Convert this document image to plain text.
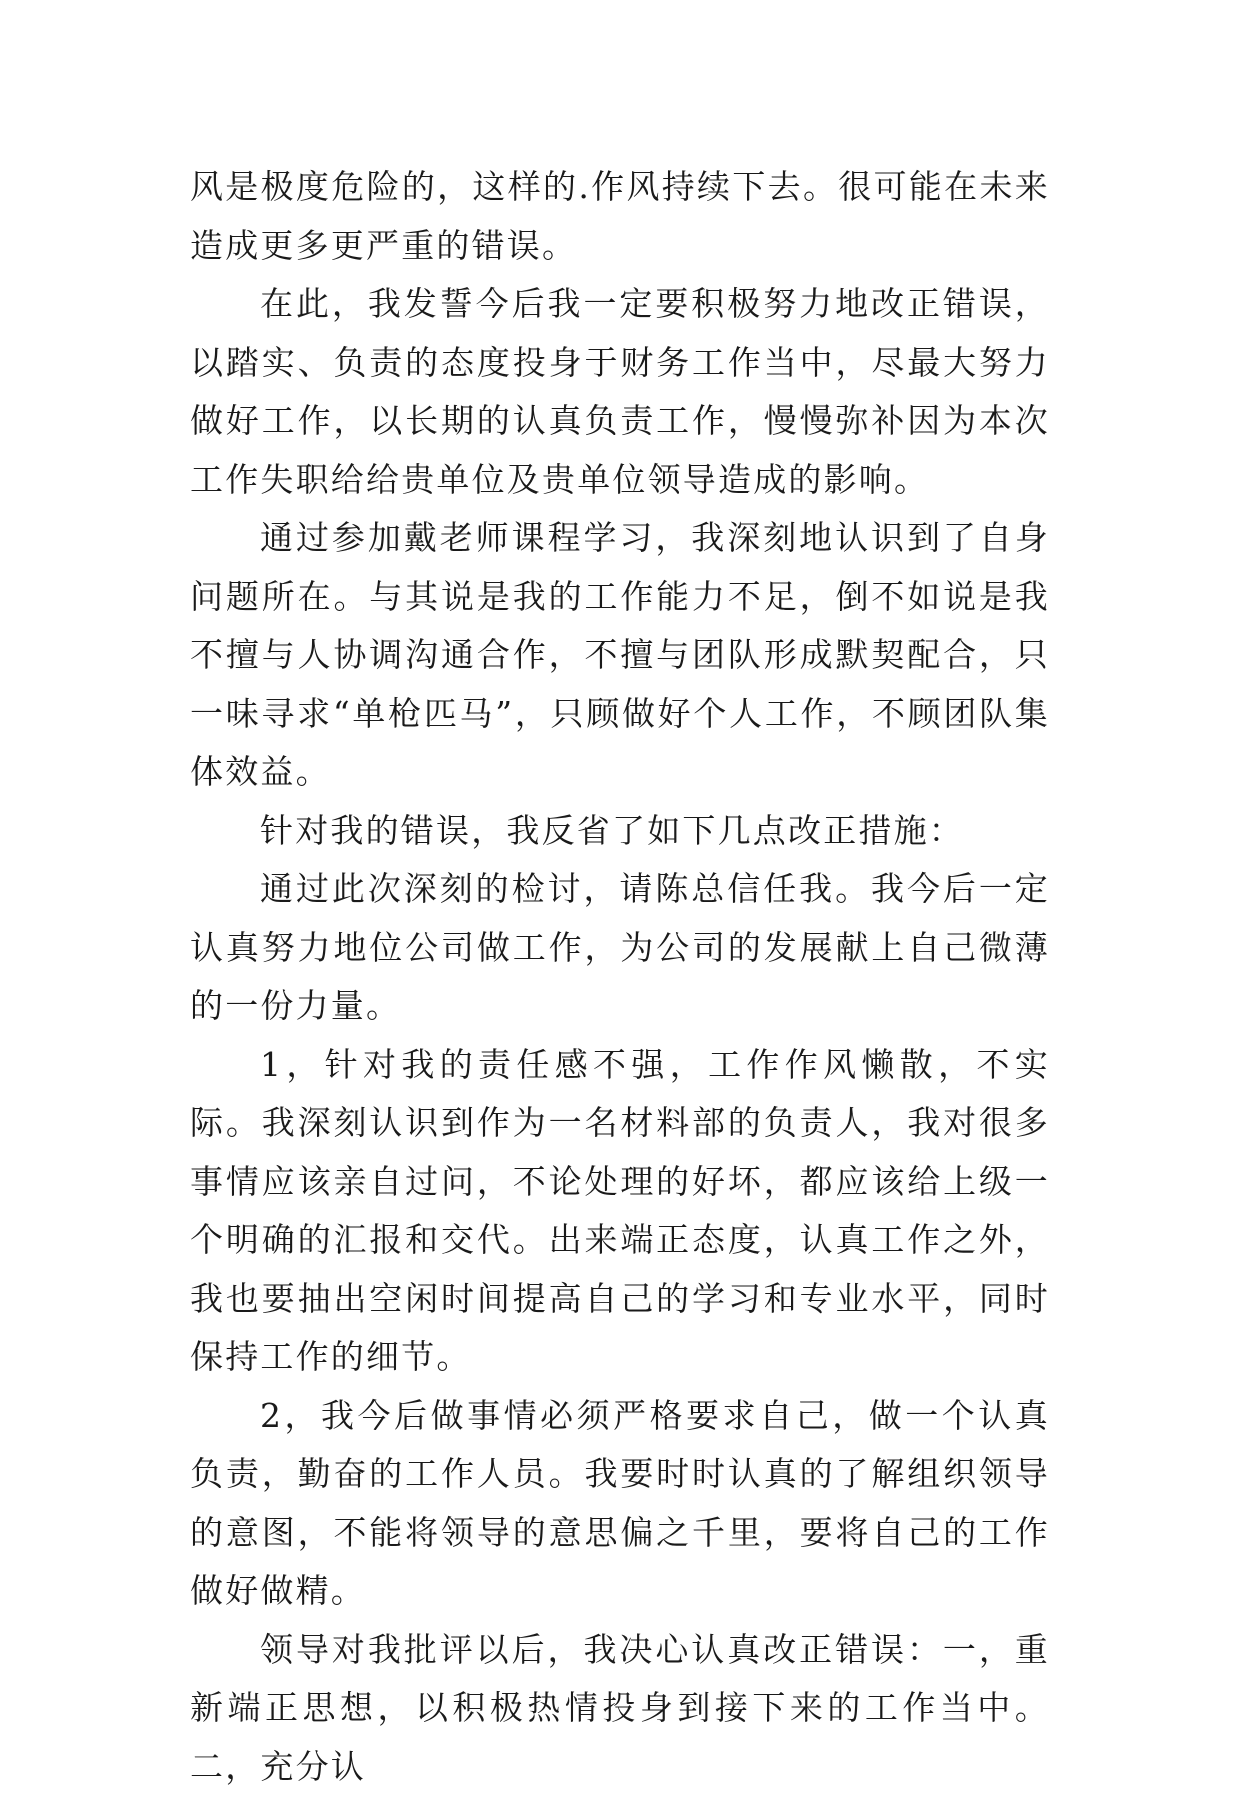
风是极度危险的，这样的.作风持续下去。很可能在未来造成更多更严重的错误。

在此，我发誓今后我一定要积极努力地改正错误，以踏实、负责的态度投身于财务工作当中，尽最大努力做好工作，以长期的认真负责工作，慢慢弥补因为本次工作失职给给贵单位及贵单位领导造成的影响。

通过参加戴老师课程学习，我深刻地认识到了自身问题所在。与其说是我的工作能力不足，倒不如说是我不擅与人协调沟通合作，不擅与团队形成默契配合，只一味寻求“单枪匹马”，只顾做好个人工作，不顾团队集体效益。

针对我的错误，我反省了如下几点改正措施：

通过此次深刻的检讨，请陈总信任我。我今后一定认真努力地位公司做工作，为公司的发展献上自己微薄的一份力量。

1，针对我的责任感不强，工作作风懒散，不实际。我深刻认识到作为一名材料部的负责人，我对很多事情应该亲自过问，不论处理的好坏，都应该给上级一个明确的汇报和交代。出来端正态度，认真工作之外，我也要抽出空闲时间提高自己的学习和专业水平，同时保持工作的细节。

2，我今后做事情必须严格要求自己，做一个认真负责，勤奋的工作人员。我要时时认真的了解组织领导的意图，不能将领导的意思偏之千里，要将自己的工作做好做精。

领导对我批评以后，我决心认真改正错误：一，重新端正思想，以积极热情投身到接下来的工作当中。二，充分认
